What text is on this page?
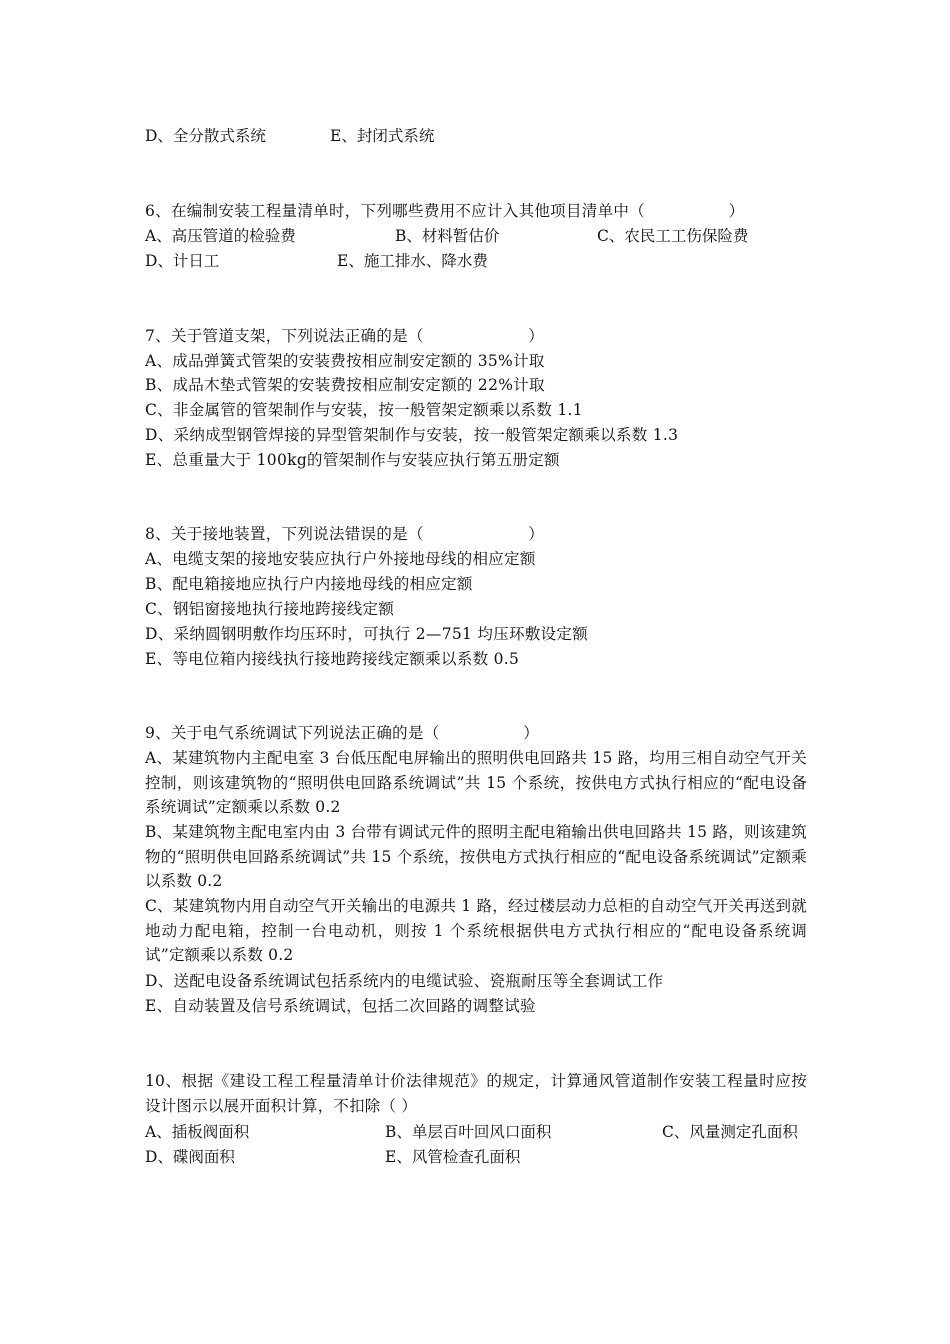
D、全分散式系统	E、封闭式系统
6、在编制安装工程量清单时，下列哪些费用不应计入其他项目清单中（                ）
A、高压管道的检验费	B、材料暂估价	C、农民工工伤保险费
D、计日工	E、施工排水、降水费
7、关于管道支架，下列说法正确的是（                    ）
A、成品弹簧式管架的安装费按相应制安定额的 35%计取
B、成品木垫式管架的安装费按相应制安定额的 22%计取
C、非金属管的管架制作与安装，按一般管架定额乘以系数 1.1
D、采纳成型钢管焊接的异型管架制作与安装，按一般管架定额乘以系数 1.3
E、总重量大于 100kg的管架制作与安装应执行第五册定额
8、关于接地装置，下列说法错误的是（                    ）
A、电缆支架的接地安装应执行户外接地母线的相应定额
B、配电箱接地应执行户内接地母线的相应定额
C、钢铝窗接地执行接地跨接线定额
D、采纳圆钢明敷作均压环时，可执行 2—751 均压环敷设定额
E、等电位箱内接线执行接地跨接线定额乘以系数 0.5
9、关于电气系统调试下列说法正确的是（                ）
A、某建筑物内主配电室 3 台低压配电屏输出的照明供电回路共 15 路，均用三相自动空气开关控制，则该建筑物的“照明供电回路系统调试”共 15 个系统，按供电方式执行相应的“配电设备系统调试”定额乘以系数 0.2
B、某建筑物主配电室内由 3 台带有调试元件的照明主配电箱输出供电回路共 15 路，则该建筑物的“照明供电回路系统调试”共 15 个系统，按供电方式执行相应的“配电设备系统调试”定额乘以系数 0.2
C、某建筑物内用自动空气开关输出的电源共 1 路，经过楼层动力总柜的自动空气开关再送到就地动力配电箱，控制一台电动机，则按 1 个系统根据供电方式执行相应的“配电设备系统调试”定额乘以系数 0.2
D、送配电设备系统调试包括系统内的电缆试验、瓷瓶耐压等全套调试工作
E、自动装置及信号系统调试，包括二次回路的调整试验
10、根据《建设工程工程量清单计价法律规范》的规定，计算通风管道制作安装工程量时应按设计图示以展开面积计算，不扣除（ ）
A、插板阀面积	B、单层百叶回风口面积	C、风量测定孔面积
D、碟阀面积	E、风管检查孔面积
